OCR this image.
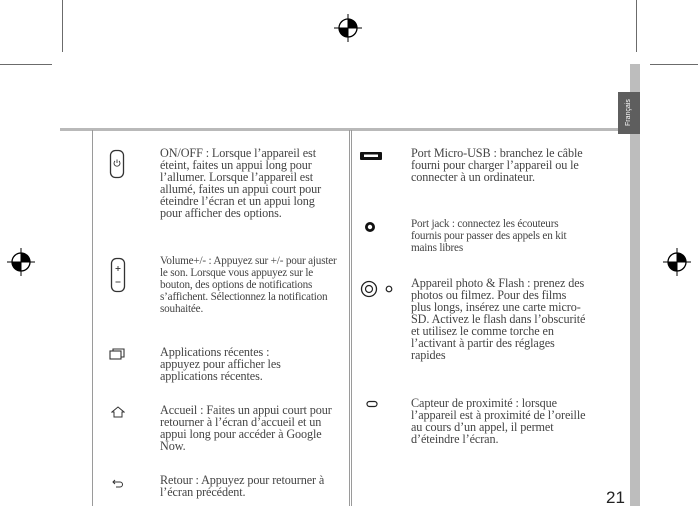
Français
ON/OFF : Lorsque l’appareil est éteint, faites un appui long pour l’allumer. Lorsque l’appareil est allumé, faites un appui court pour éteindre l’écran et un appui long pour afficher des options.
Volume+/- : Appuyez sur +/- pour ajuster le son. Lorsque vous appuyez sur le bouton, des options de notifications s’affichent. Sélectionnez la notification souhaitée.
Applications récentes : appuyez pour afficher les applications récentes.
Accueil : Faites un appui court pour retourner à l’écran d’accueil et un appui long pour accéder à Google Now.
Retour : Appuyez pour retourner à l’écran précédent.
Port Micro-USB : branchez le câble fourni pour charger l’appareil ou le connecter à un ordinateur.
Port jack : connectez les écouteurs fournis pour passer des appels en kit mains libres
Appareil photo & Flash : prenez des photos ou filmez. Pour des films plus longs, insérez une carte micro-SD. Activez le flash dans l’obscurité et utilisez le comme torche en l’activant à partir des réglages rapides
Capteur de proximité : lorsque l’appareil est à proximité de l’oreille au cours d’un appel, il permet d’éteindre l’écran.
21
